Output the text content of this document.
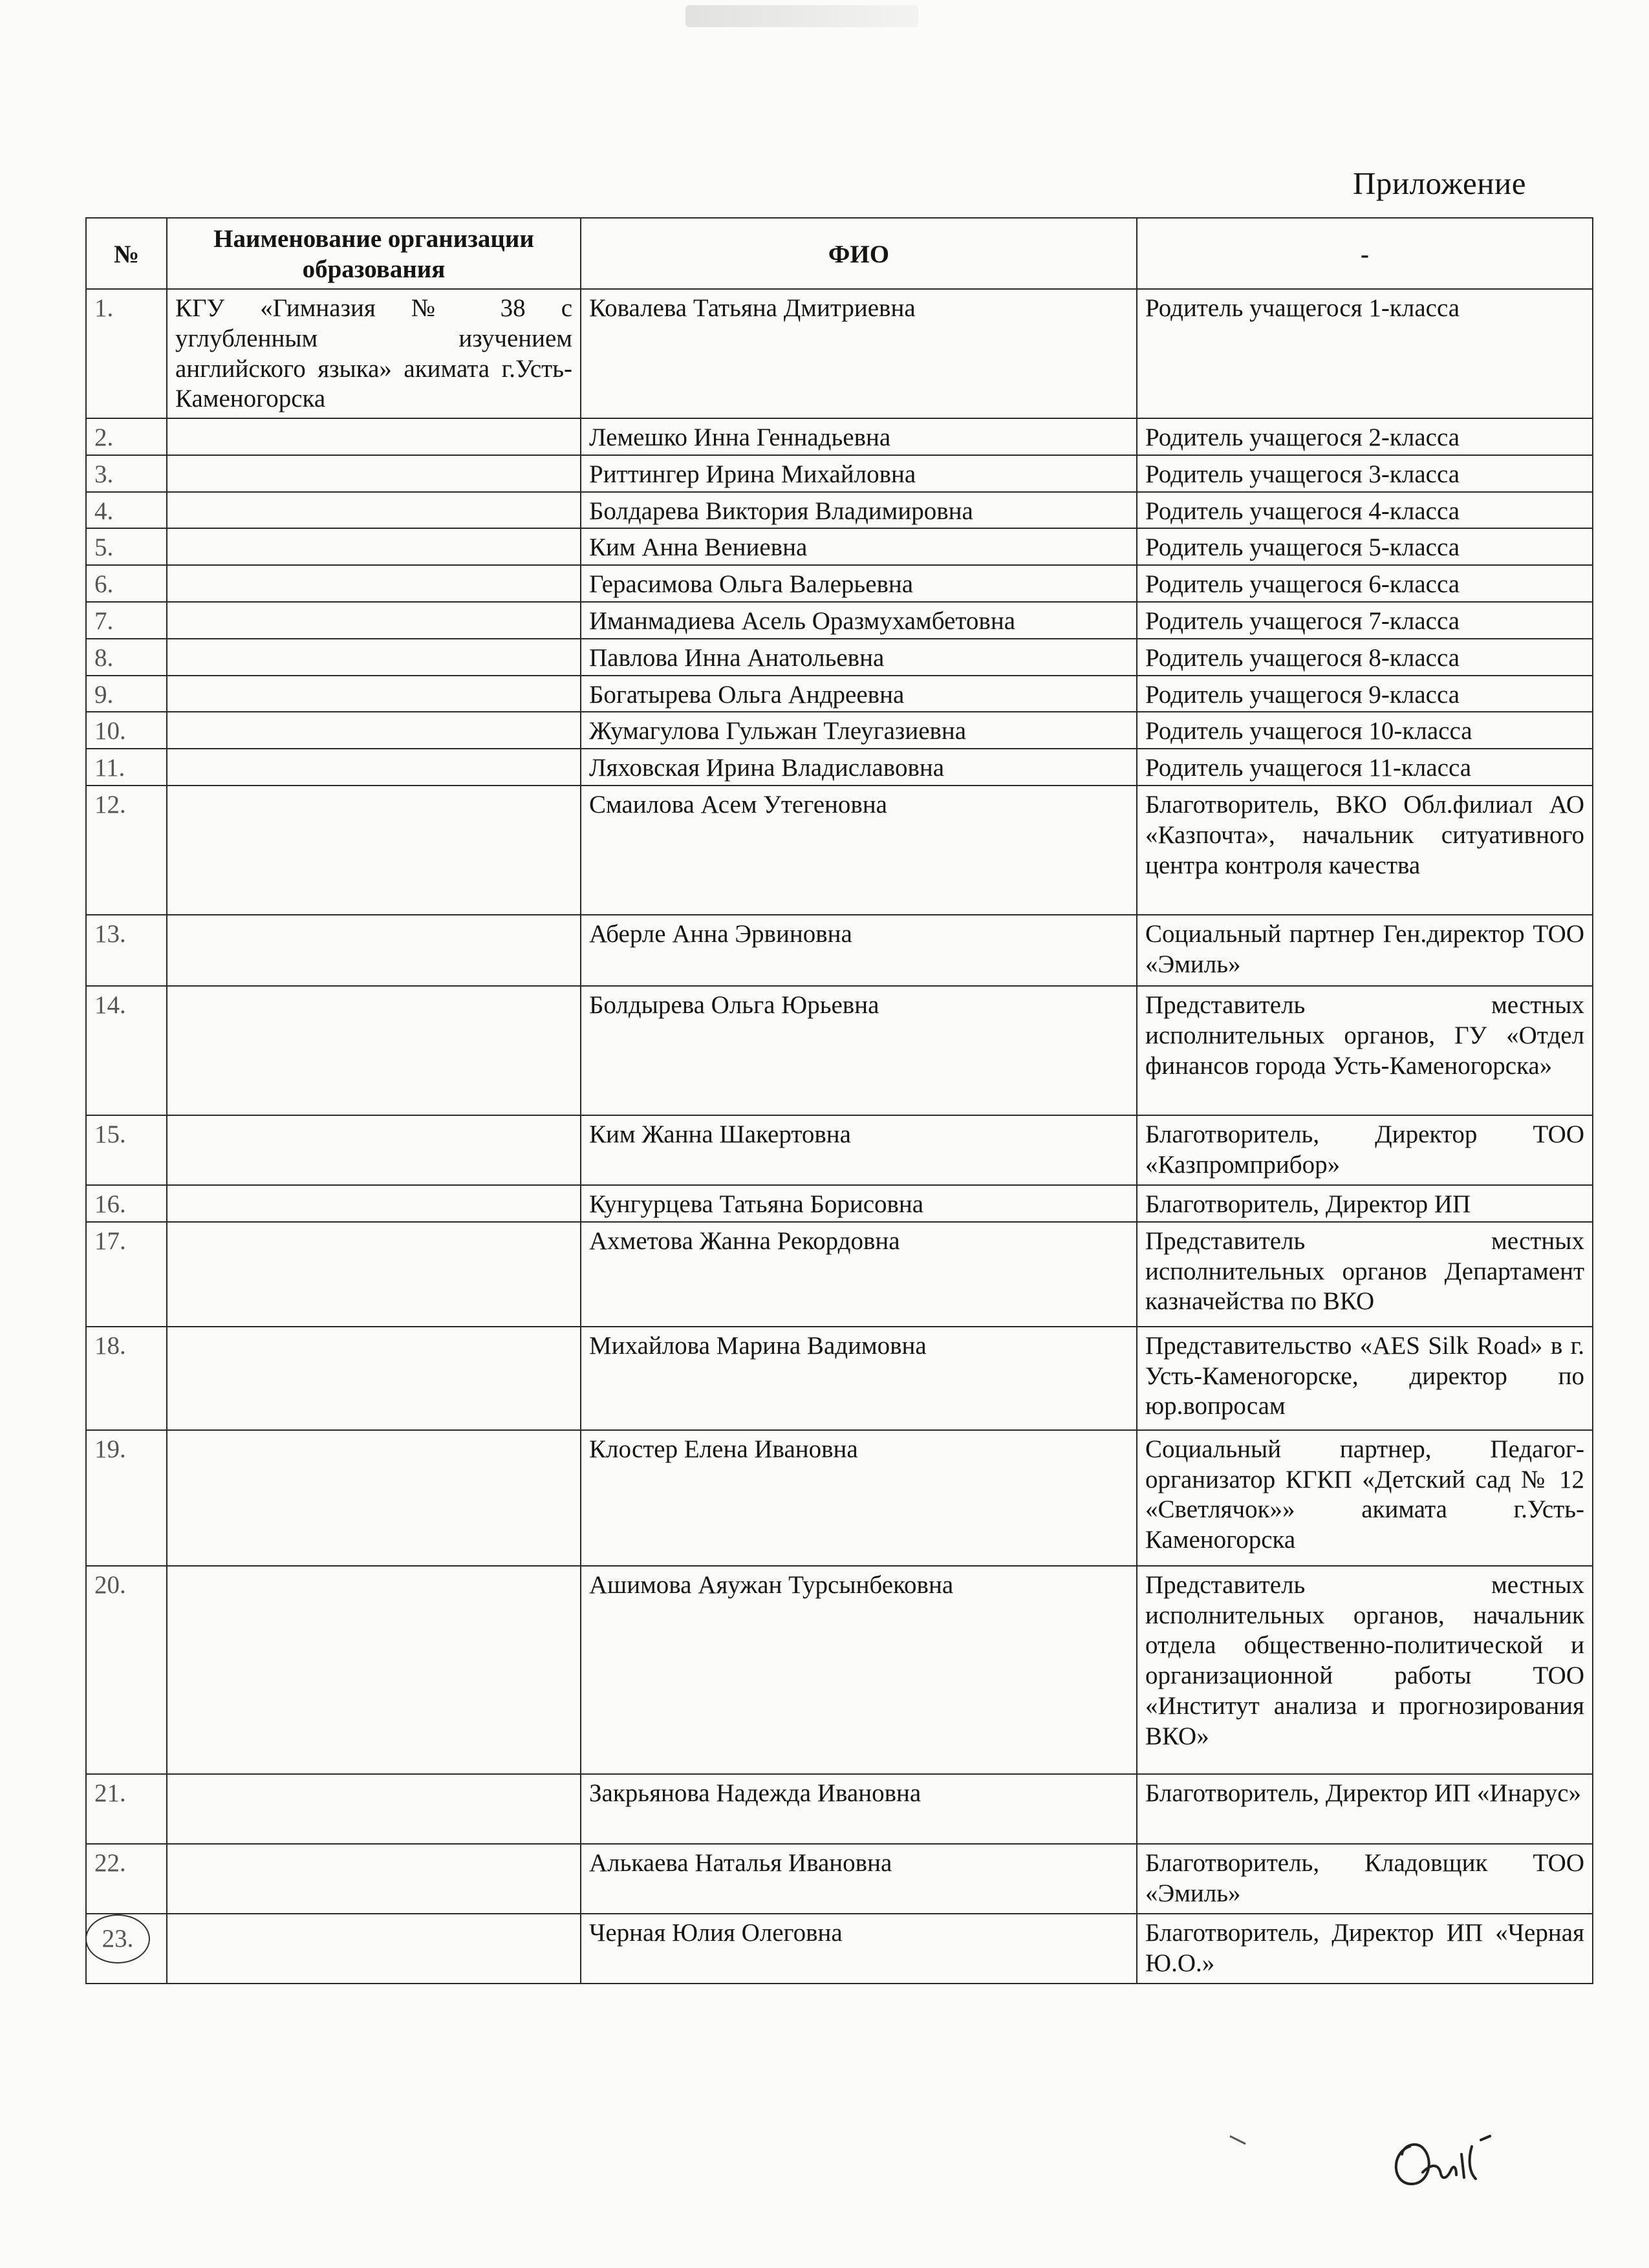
Приложение
№	Наименование организации образования	ФИО	-
1.	КГУ «Гимназия № 38 с углубленным изучением английского языка» акимата г.Усть-Каменогорска	Ковалева Татьяна Дмитриевна	Родитель учащегося 1-класса
2.		Лемешко Инна Геннадьевна	Родитель учащегося 2-класса
3.		Риттингер Ирина Михайловна	Родитель учащегося 3-класса
4.		Болдарева Виктория Владимировна	Родитель учащегося 4-класса
5.		Ким Анна Вениевна	Родитель учащегося 5-класса
6.		Герасимова Ольга Валерьевна	Родитель учащегося 6-класса
7.		Иманмадиева Асель Оразмухамбетовна	Родитель учащегося 7-класса
8.		Павлова Инна Анатольевна	Родитель учащегося 8-класса
9.		Богатырева Ольга Андреевна	Родитель учащегося 9-класса
10.		Жумагулова Гульжан Тлеугазиевна	Родитель учащегося 10-класса
11.		Ляховская Ирина Владиславовна	Родитель учащегося 11-класса
12.		Смаилова Асем Утегеновна	Благотворитель, ВКО Обл.филиал АО «Казпочта», начальник ситуативного центра контроля качества
13.		Аберле Анна Эрвиновна	Социальный партнер Ген.директор ТОО «Эмиль»
14.		Болдырева Ольга Юрьевна	Представитель местных исполнительных органов, ГУ «Отдел финансов города Усть-Каменогорска»
15.		Ким Жанна Шакертовна	Благотворитель, Директор ТОО «Казпромприбор»
16.		Кунгурцева Татьяна Борисовна	Благотворитель, Директор ИП
17.		Ахметова Жанна Рекордовна	Представитель местных исполнительных органов Департамент казначейства по ВКО
18.		Михайлова Марина Вадимовна	Представительство «AES Silk Road» в г. Усть-Каменогорске, директор по юр.вопросам
19.		Клостер Елена Ивановна	Социальный партнер, Педагог-организатор КГКП «Детский сад № 12 «Светлячок»» акимата г.Усть-Каменогорска
20.		Ашимова Аяужан Турсынбековна	Представитель местных исполнительных органов, начальник отдела общественно-политической и организационной работы ТОО «Институт анализа и прогнозирования ВКО»
21.		Закрьянова Надежда Ивановна	Благотворитель, Директор ИП «Инарус»
22.		Алькаева Наталья Ивановна	Благотворитель, Кладовщик ТОО «Эмиль»
23.		Черная Юлия Олеговна	Благотворитель, Директор ИП «Черная Ю.О.»
